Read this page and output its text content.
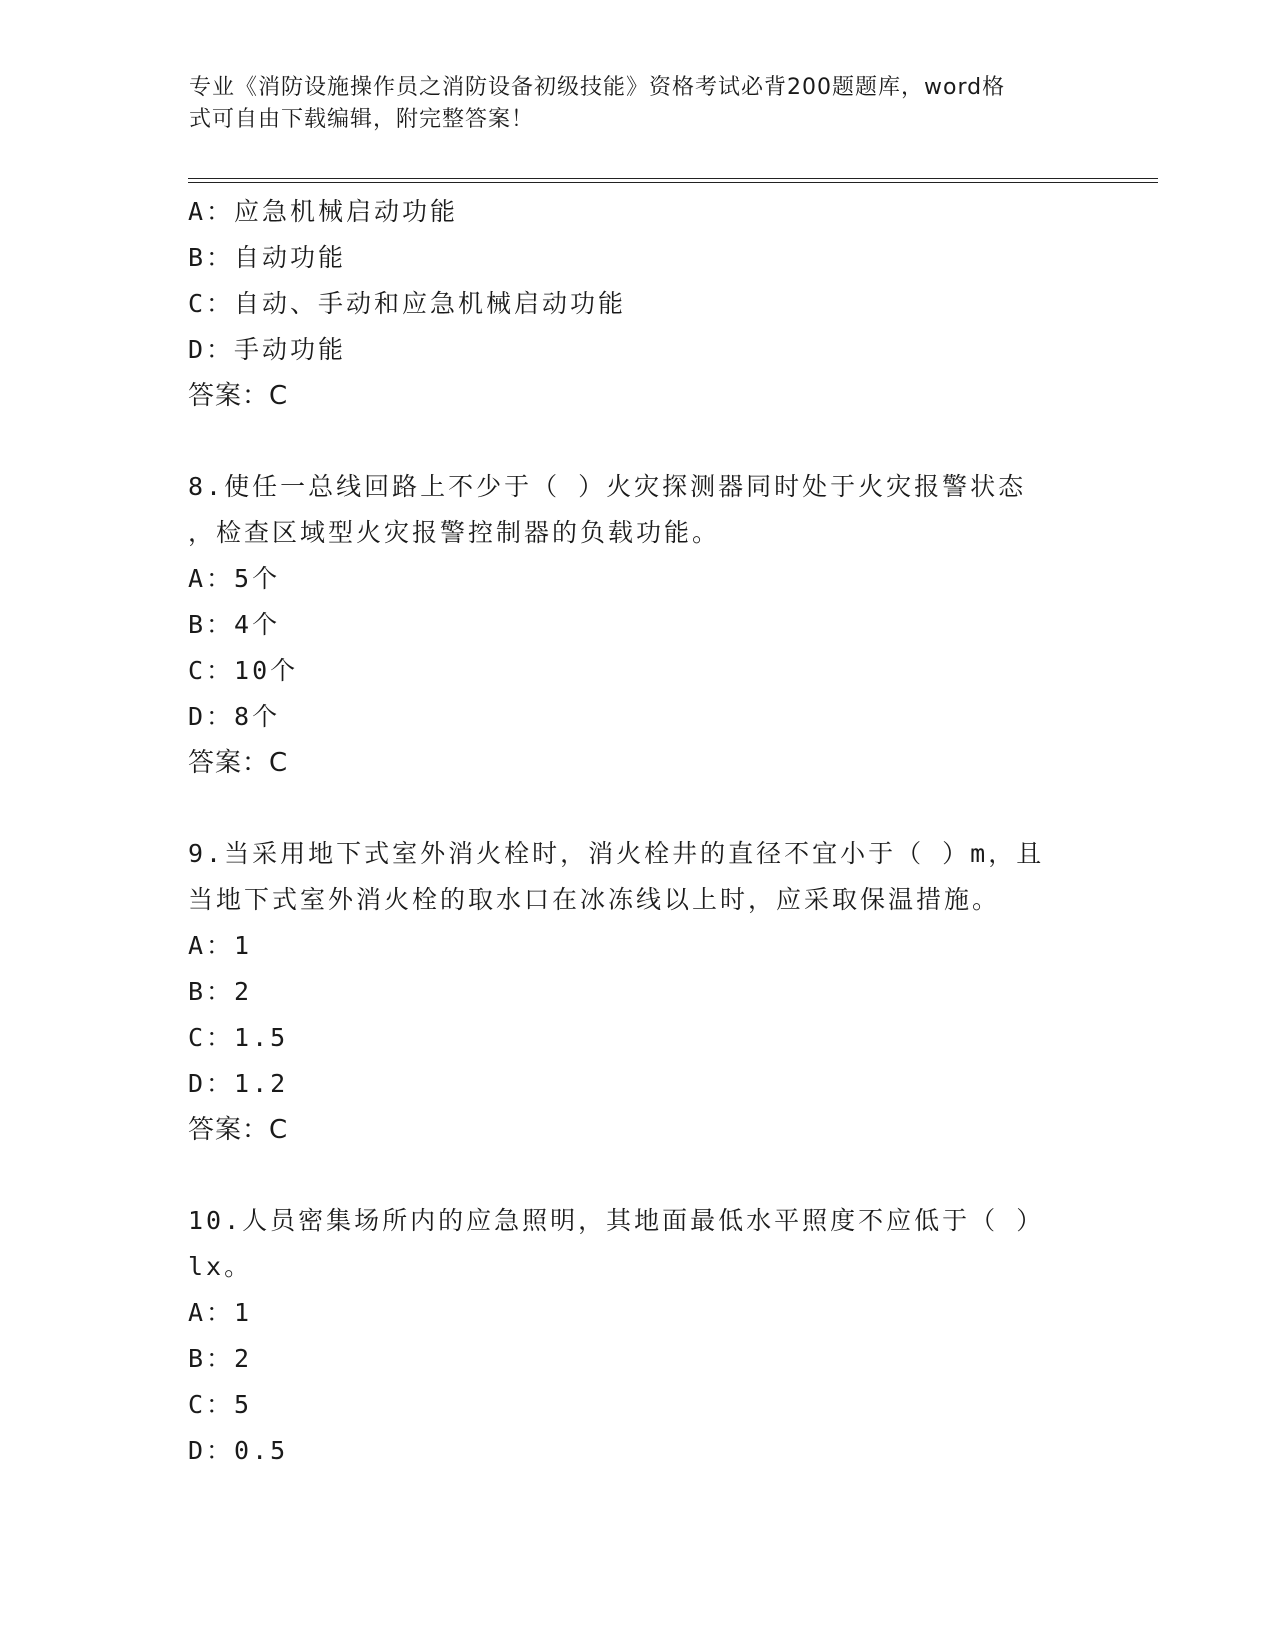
专业《消防设施操作员之消防设备初级技能》资格考试必背200题题库，word格
式可自由下载编辑，附完整答案！
A：应急机械启动功能
B：自动功能
C：自动、手动和应急机械启动功能
D：手动功能
答案：C
8.使任一总线回路上不少于（ ）火灾探测器同时处于火灾报警状态
，检查区域型火灾报警控制器的负载功能。
A：5个
B：4个
C：10个
D：8个
答案：C
9.当采用地下式室外消火栓时，消火栓井的直径不宜小于（ ）m，且
当地下式室外消火栓的取水口在冰冻线以上时，应采取保温措施。
A：1
B：2
C：1.5
D：1.2
答案：C
10.人员密集场所内的应急照明，其地面最低水平照度不应低于（ ）
lx。
A：1
B：2
C：5
D：0.5
